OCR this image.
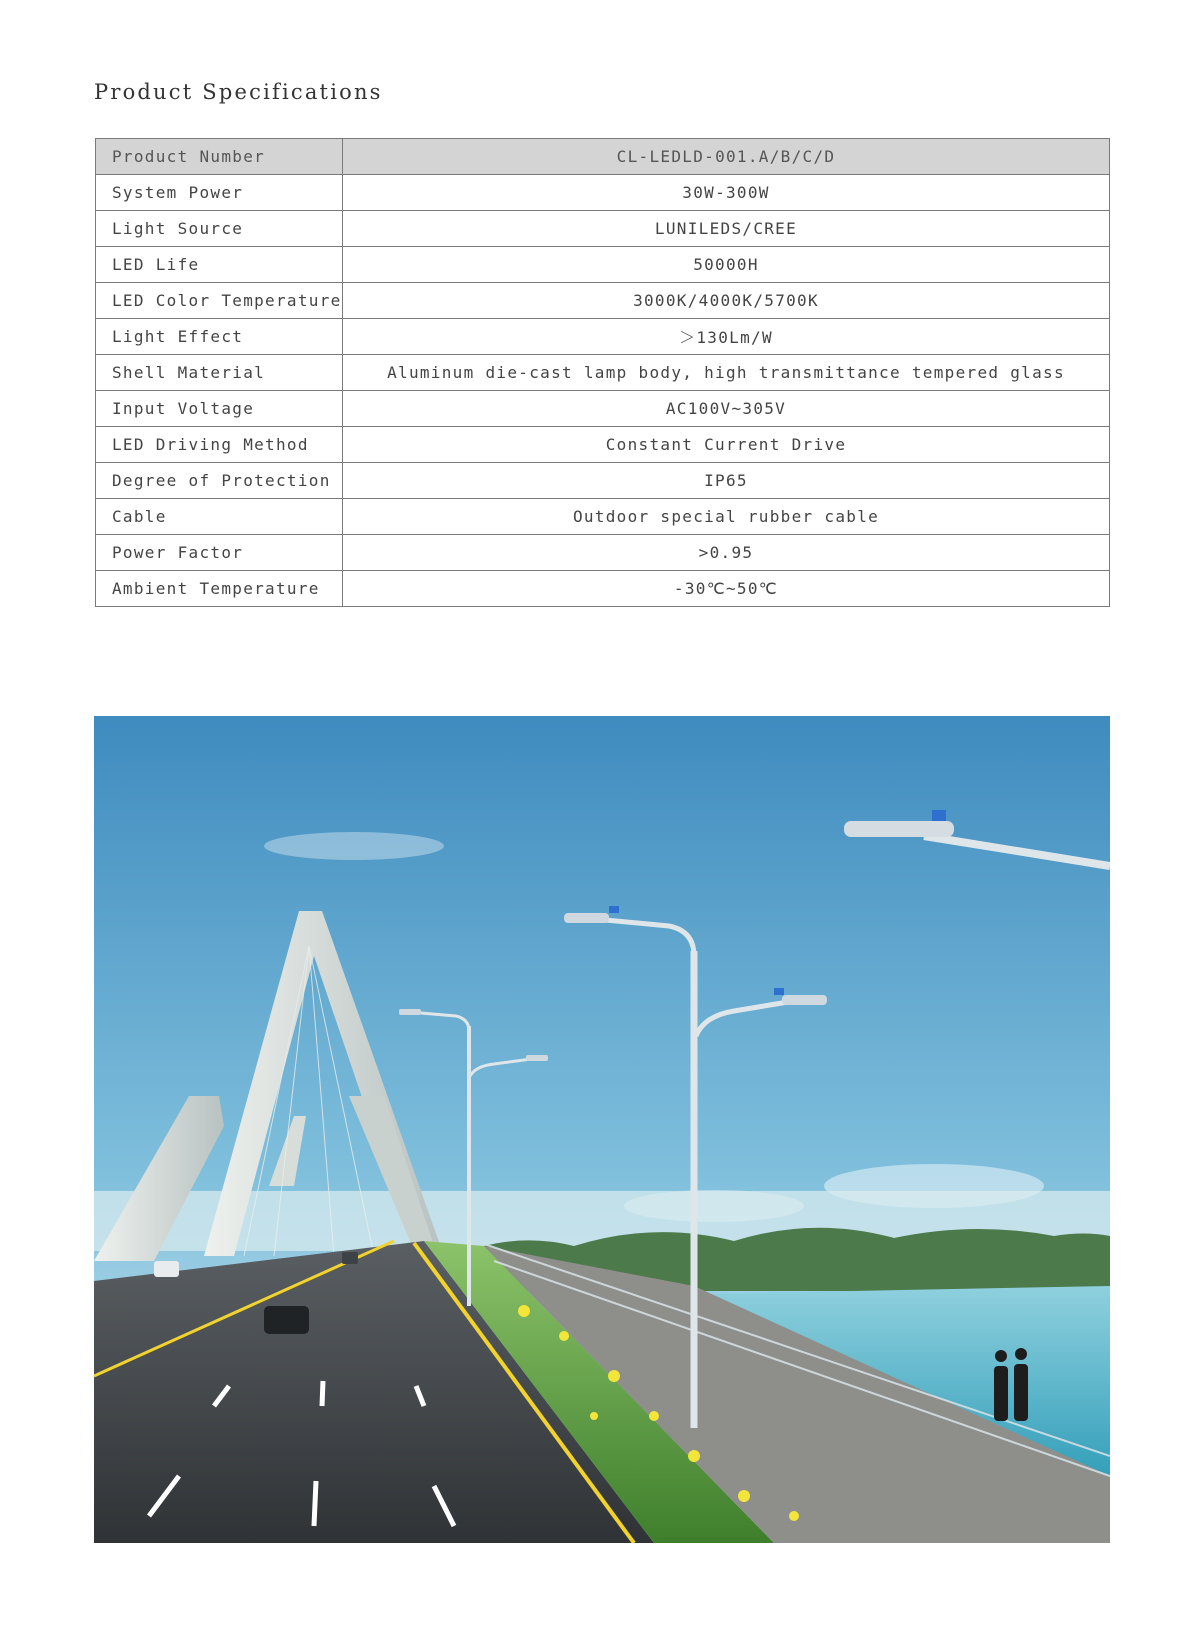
Product Specifications
Product Number	CL-LEDLD-001.A/B/C/D
System Power	30W-300W
Light Source	LUNILEDS/CREE
LED Life	50000H
LED Color Temperature	3000K/4000K/5700K
Light Effect	＞130Lm/W
Shell Material	Aluminum die-cast lamp body, high transmittance tempered glass
Input Voltage	AC100V~305V
LED Driving Method	Constant Current Drive
Degree of Protection	IP65
Cable	Outdoor special rubber cable
Power Factor	>0.95
Ambient Temperature	-30℃~50℃
